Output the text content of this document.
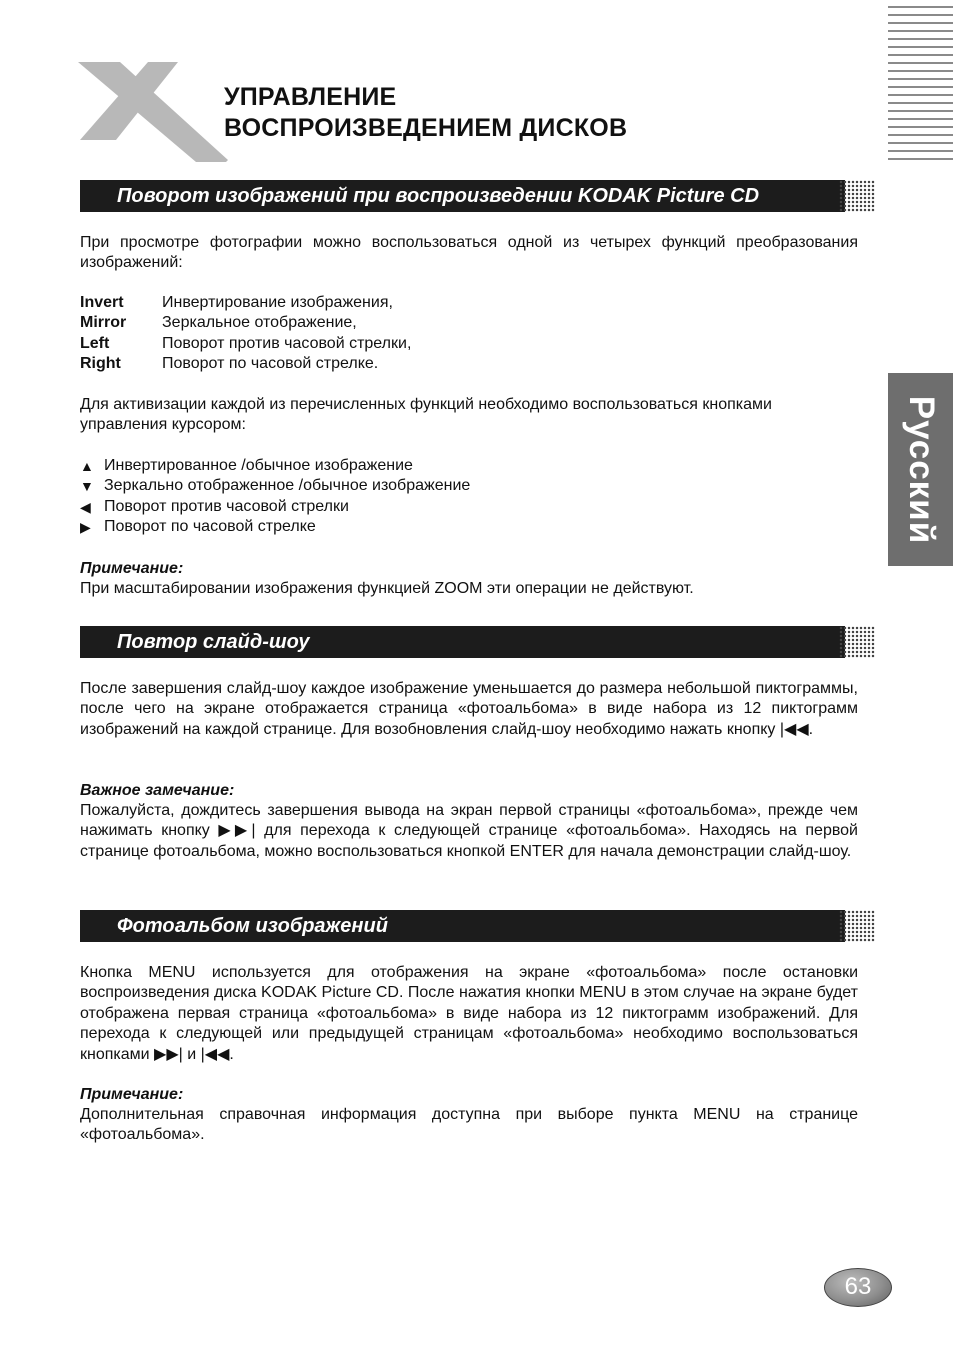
УПРАВЛЕНИЕ
ВОСПРОИЗВЕДЕНИЕМ ДИСКОВ
Русский
Поворот изображений при воспроизведении KODAK Picture CD

При просмотре фотографии можно воспользоваться одной из четырех функций преобразования изображений:

Invert	Инвертирование изображения,
Mirror	Зеркальное отображение,
Left	Поворот против часовой стрелки,
Right	Поворот по часовой стрелке.

Для активизации каждой из перечисленных функций необходимо воспользоваться кнопками управления курсором:

▲ Инвертированное /обычное изображение
▼ Зеркально отображенное /обычное изображение
◀ Поворот против часовой стрелки
▶ Поворот по часовой стрелке
Примечание:

При масштабировании изображения функцией ZOOM эти операции не действуют.

Повтор слайд-шоу

После завершения слайд-шоу каждое изображение уменьшается до размера небольшой пиктограммы, после чего на экране отображается страница «фотоальбома» в виде набора из 12 пиктограмм изображений на каждой странице. Для возобновления слайд-шоу необходимо нажать кнопку |◀◀.

Важное замечание:

Пожалуйста, дождитесь завершения вывода на экран первой страницы «фотоальбома», прежде чем нажимать кнопку ▶▶| для перехода к следующей странице «фотоальбома». Находясь на первой странице фотоальбома, можно воспользоваться кнопкой ENTER для начала демонстрации слайд-шоу.

Фотоальбом изображений

Кнопка MENU используется для отображения на экране «фотоальбома» после остановки воспроизведения диска KODAK Picture CD. После нажатия кнопки MENU в этом случае на экране будет отображена первая страница «фотоальбома» в виде набора из 12 пиктограмм изображений. Для перехода к следующей или предыдущей страницам «фотоальбома» необходимо воспользоваться кнопками ▶▶| и |◀◀.

Примечание:

Дополнительная справочная информация доступна при выборе пункта MENU на странице «фотоальбома».

63
